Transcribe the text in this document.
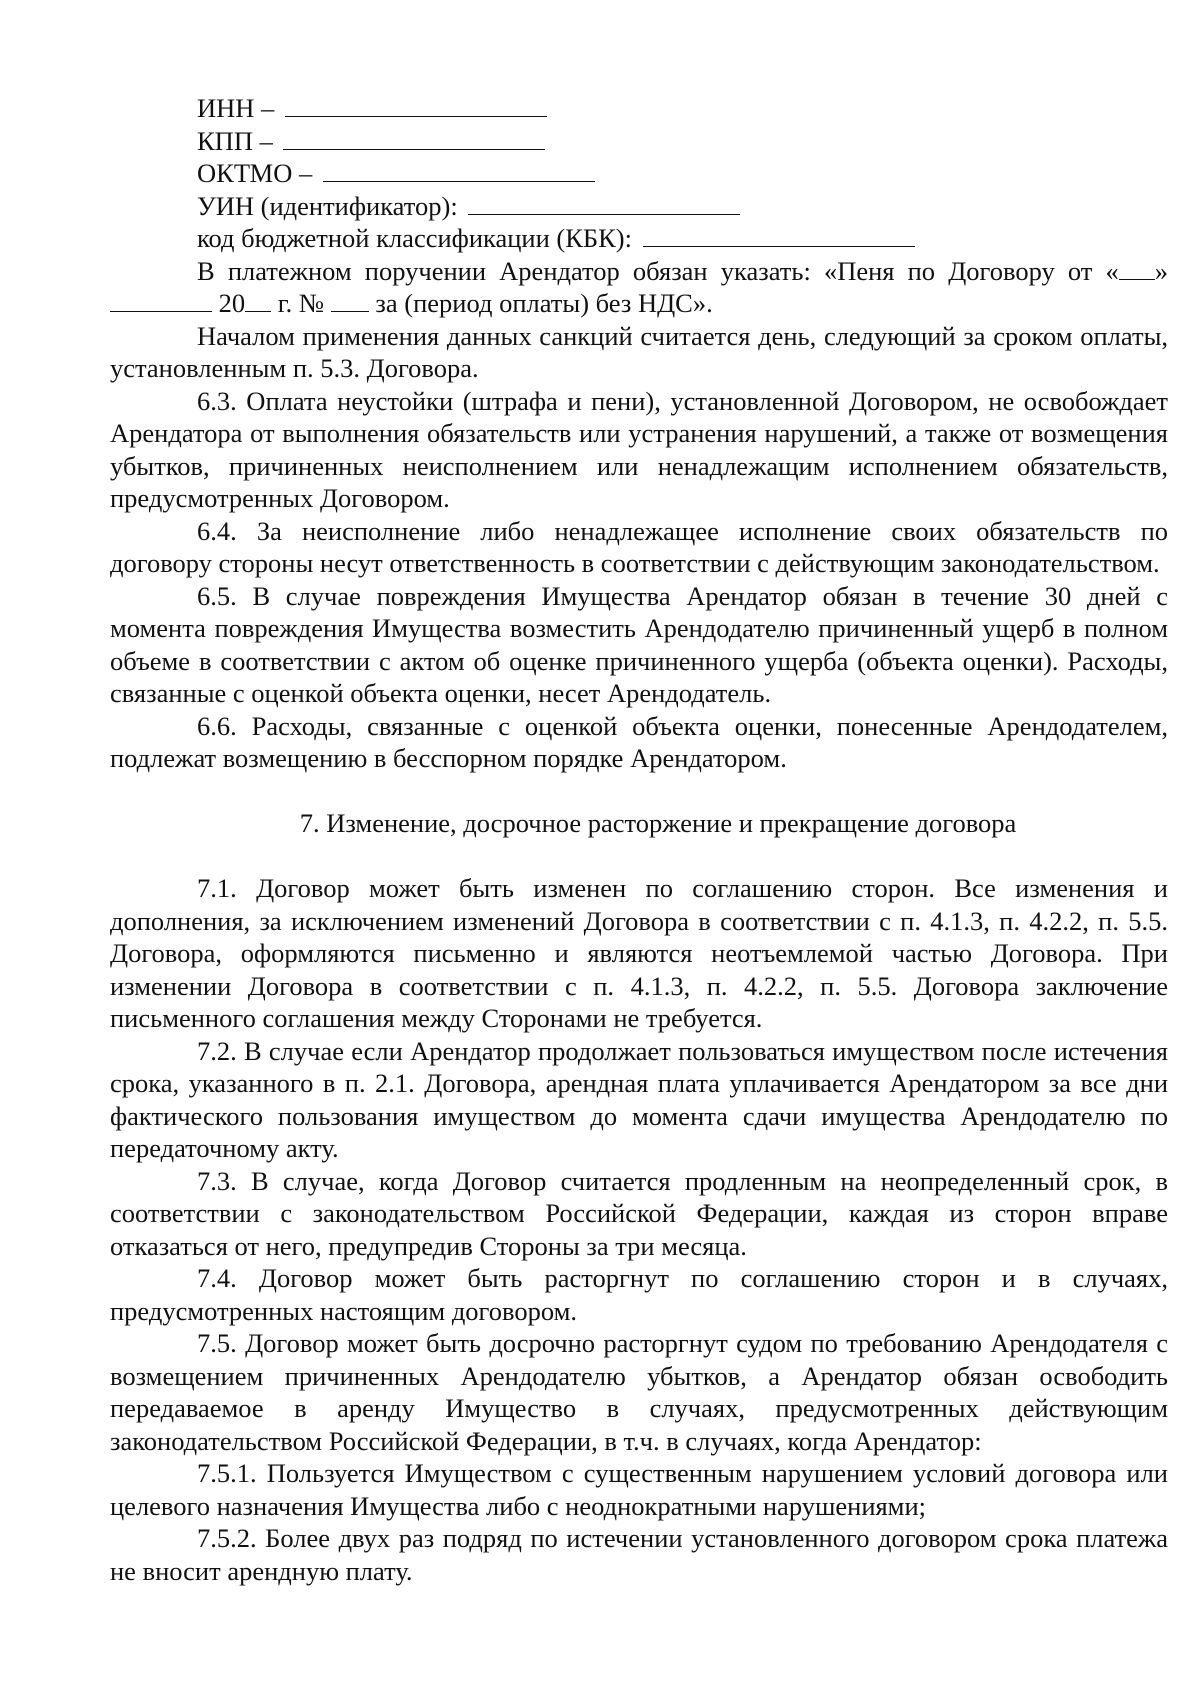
ИНН –
КПП –
ОКТМО –
УИН (идентификатор):
код бюджетной классификации (КБК):

В платежном поручении Арендатор обязан указать: «Пеня по Договору от « »  20 г. № за (период оплаты) без НДС».

Началом применения данных санкций считается день, следующий за сроком оплаты, установленным п. 5.3. Договора.

6.3. Оплата неустойки (штрафа и пени), установленной Договором, не освобождает Арендатора от выполнения обязательств или устранения нарушений, а также от возмещения убытков, причиненных неисполнением или ненадлежащим исполнением обязательств, предусмотренных Договором.

6.4. За неисполнение либо ненадлежащее исполнение своих обязательств по договору стороны несут ответственность в соответствии с действующим законодательством.

6.5. В случае повреждения Имущества Арендатор обязан в течение 30 дней с момента повреждения Имущества возместить Арендодателю причиненный ущерб в полном объеме в соответствии с актом об оценке причиненного ущерба (объекта оценки). Расходы, связанные с оценкой объекта оценки, несет Арендодатель.

6.6. Расходы, связанные с оценкой объекта оценки, понесенные Арендодателем, подлежат возмещению в бесспорном порядке Арендатором.

7. Изменение, досрочное расторжение и прекращение договора

7.1. Договор может быть изменен по соглашению сторон. Все изменения и дополнения, за исключением изменений Договора в соответствии с п. 4.1.3, п. 4.2.2, п. 5.5. Договора, оформляются письменно и являются неотъемлемой частью Договора. При изменении Договора в соответствии с п. 4.1.3, п. 4.2.2, п. 5.5. Договора заключение письменного соглашения между Сторонами не требуется.

7.2. В случае если Арендатор продолжает пользоваться имуществом после истечения срока, указанного в п. 2.1. Договора, арендная плата уплачивается Арендатором за все дни фактического пользования имуществом до момента сдачи имущества Арендодателю по передаточному акту.

7.3. В случае, когда Договор считается продленным на неопределенный срок, в соответствии с законодательством Российской Федерации, каждая из сторон вправе отказаться от него, предупредив Стороны за три месяца.

7.4. Договор может быть расторгнут по соглашению сторон и в случаях, предусмотренных настоящим договором.

7.5. Договор может быть досрочно расторгнут судом по требованию Арендодателя с возмещением причиненных Арендодателю убытков, а Арендатор обязан освободить передаваемое в аренду Имущество в случаях, предусмотренных действующим законодательством Российской Федерации, в т.ч. в случаях, когда Арендатор:

7.5.1. Пользуется Имуществом с существенным нарушением условий договора или целевого назначения Имущества либо с неоднократными нарушениями;

7.5.2. Более двух раз подряд по истечении установленного договором срока платежа не вносит арендную плату.
